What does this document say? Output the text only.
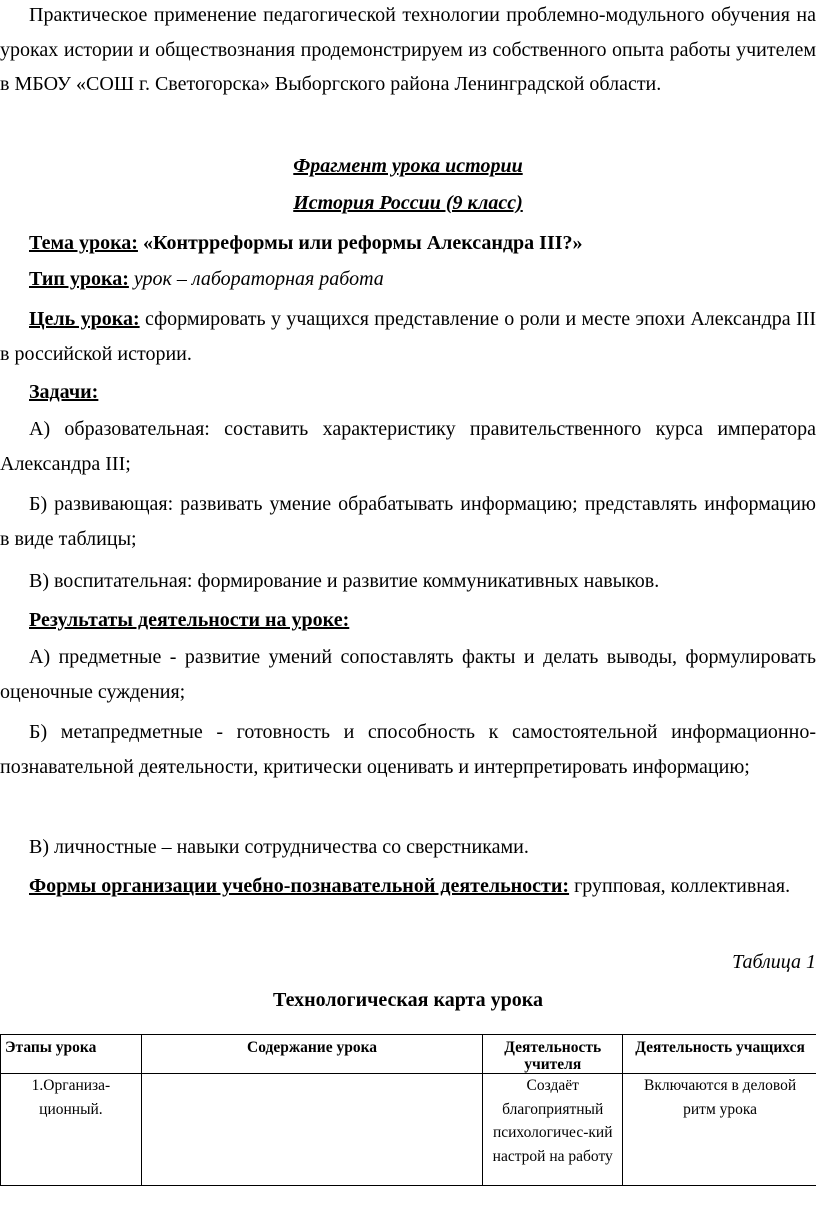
Практическое применение педагогической технологии проблемно-модульного обучения на уроках истории и обществознания продемонстрируем из собственного опыта работы учителем в МБОУ «СОШ г. Светогорска» Выборгского района Ленинградской области.

Фрагмент урока истории

История России (9 класс)

Тема урока: «Контрреформы или реформы Александра III?»

Тип урока: урок – лабораторная работа

Цель урока: сформировать у учащихся представление о роли и месте эпохи Александра III в российской истории.

Задачи:

А) образовательная: составить характеристику правительственного курса императора Александра III;

Б) развивающая: развивать умение обрабатывать информацию; представлять информацию в виде таблицы;

В) воспитательная: формирование и развитие коммуникативных навыков.

Результаты деятельности на уроке:

А) предметные - развитие умений сопоставлять факты и делать выводы, формулировать оценочные суждения;

Б) метапредметные - готовность и способность к самостоятельной информационно-познавательной деятельности, критически оценивать и интерпретировать информацию;

В) личностные – навыки сотрудничества со сверстниками.

Формы организации учебно-познавательной деятельности: групповая, коллективная.

Таблица 1

Технологическая карта урока

Этапы урока	Содержание урока	Деятельность учителя	Деятельность учащихся
1.Организа-ционный.		Создаёт благоприятный психологичес-кий настрой на работу	Включаются в деловой ритм урока
